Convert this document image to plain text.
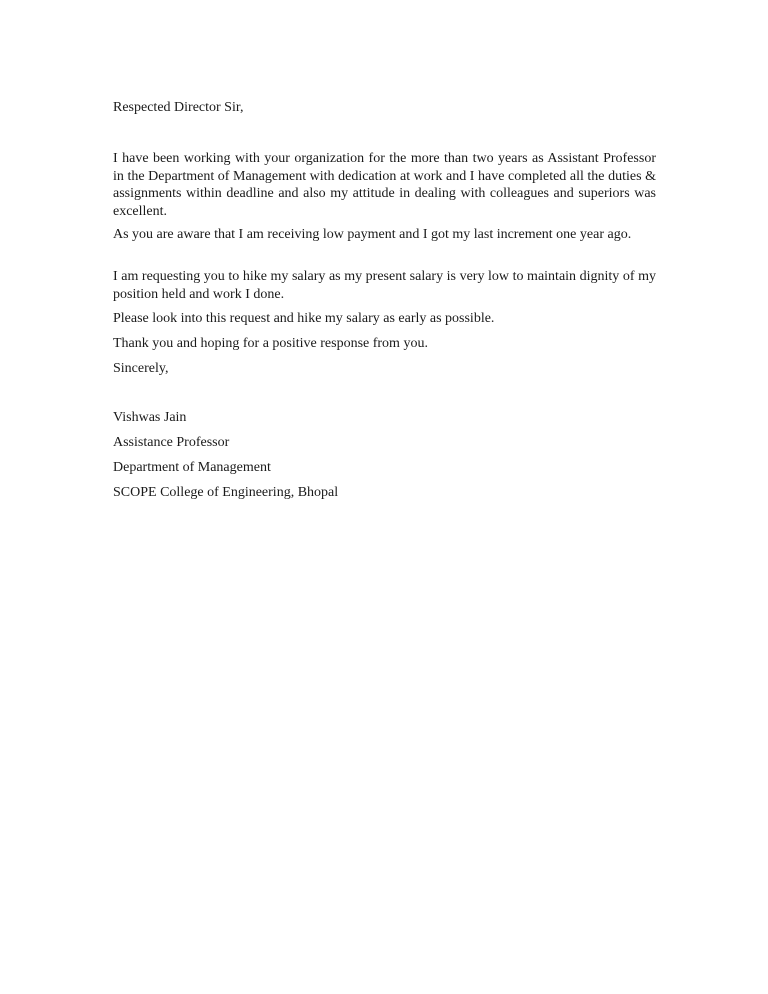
Respected Director Sir,

I have been working with your organization for the more than two years as Assistant Professor in the Department of Management with dedication at work and I have completed all the duties & assignments within deadline and also my attitude in dealing with colleagues and superiors was excellent.

As you are aware that I am receiving low payment and I got my last increment one year ago.

I am requesting you to hike my salary as my present salary is very low to maintain dignity of my position held and work I done.

Please look into this request and hike my salary as early as possible.

Thank you and hoping for a positive response from you.

Sincerely,

Vishwas Jain

Assistance Professor

Department of Management

SCOPE College of Engineering, Bhopal
